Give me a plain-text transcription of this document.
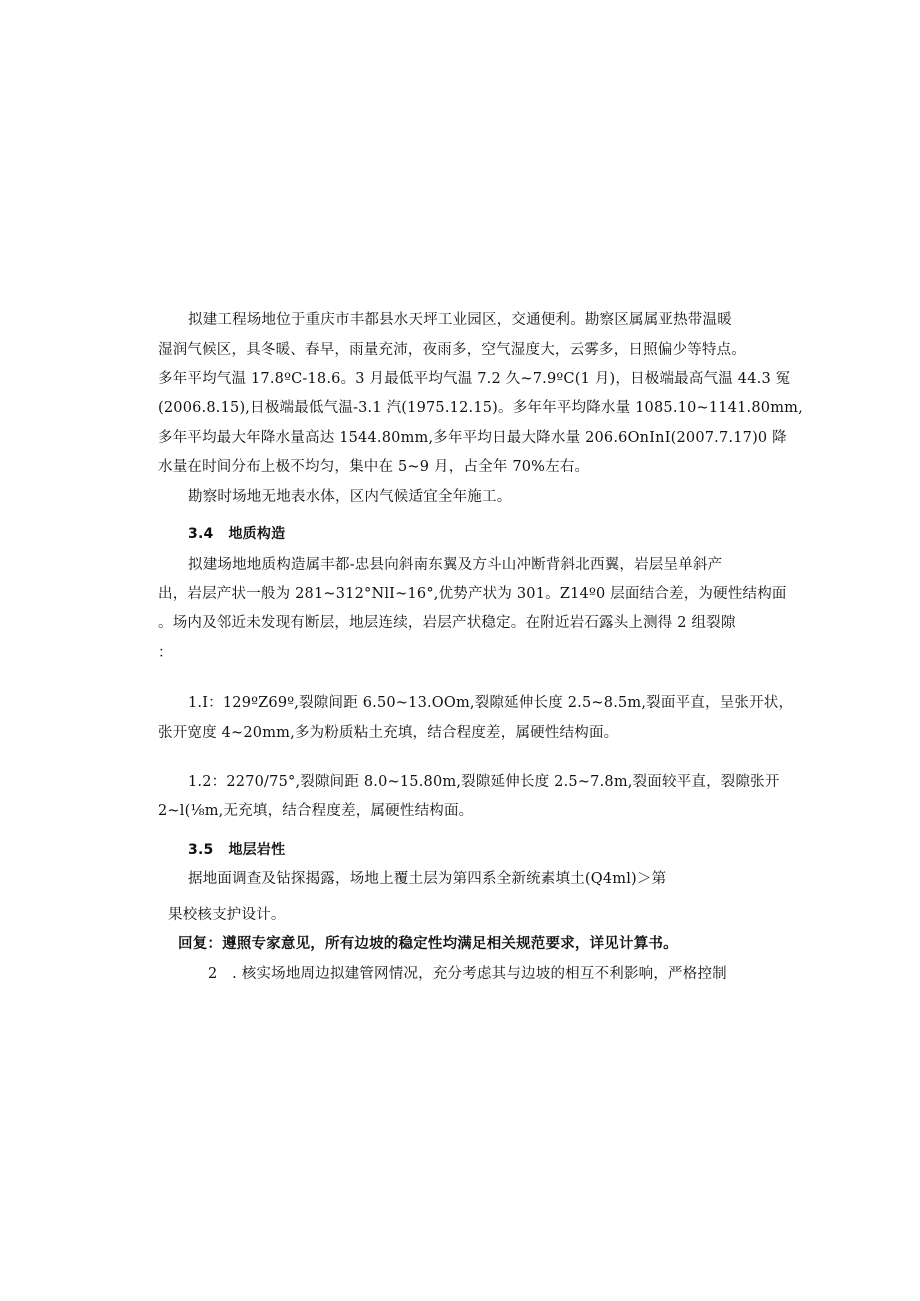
拟建工程场地位于重庆市丰都县水天坪工业园区，交通便利。勘察区属属亚热带温暖
湿润气候区，具冬暖、春早，雨量充沛，夜雨多，空气湿度大，云雾多，日照偏少等特点。
多年平均气温 17.8ºC-18.6。3 月最低平均气温 7.2 久~7.9ºC(1 月)，日极端最高气温 44.3 冤
(2006.8.15),日极端最低气温-3.1 汽(1975.12.15)。多年年平均降水量 1085.10~1141.80mm,
多年平均最大年降水量高达 1544.80mm,多年平均日最大降水量 206.6OnInI(2007.7.17)0 降
水量在时间分布上极不均匀，集中在 5~9 月，占全年 70%左右。
勘察时场地无地表水体，区内气候适宜全年施工。
3.4 地质构造
拟建场地地质构造属丰都-忠县向斜南东翼及方斗山冲断背斜北西翼，岩层呈单斜产
出，岩层产状一般为 281~312°NlI~16°,优势产状为 301。Z14º0 层面结合差，为硬性结构面
。场内及邻近未发现有断层，地层连续，岩层产状稳定。在附近岩石露头上测得 2 组裂隙
：
1.I：129ºZ69º,裂隙间距 6.50~13.OOm,裂隙延伸长度 2.5~8.5m,裂面平直，呈张开状，
张开宽度 4~20mm,多为粉质粘土充填，结合程度差，属硬性结构面。
1.2：2270/75°,裂隙间距 8.0~15.80m,裂隙延伸长度 2.5~7.8m,裂面较平直，裂隙张开
2~l(⅛m,无充填，结合程度差，属硬性结构面。
3.5 地层岩性
据地面调查及钻探揭露，场地上覆土层为第四系全新统素填土(Q4ml)＞第
果校核支护设计。
回复：遵照专家意见，所有边坡的稳定性均满足相关规范要求，详见计算书。
2　. 核实场地周边拟建管网情况，充分考虑其与边坡的相互不利影响，严格控制
